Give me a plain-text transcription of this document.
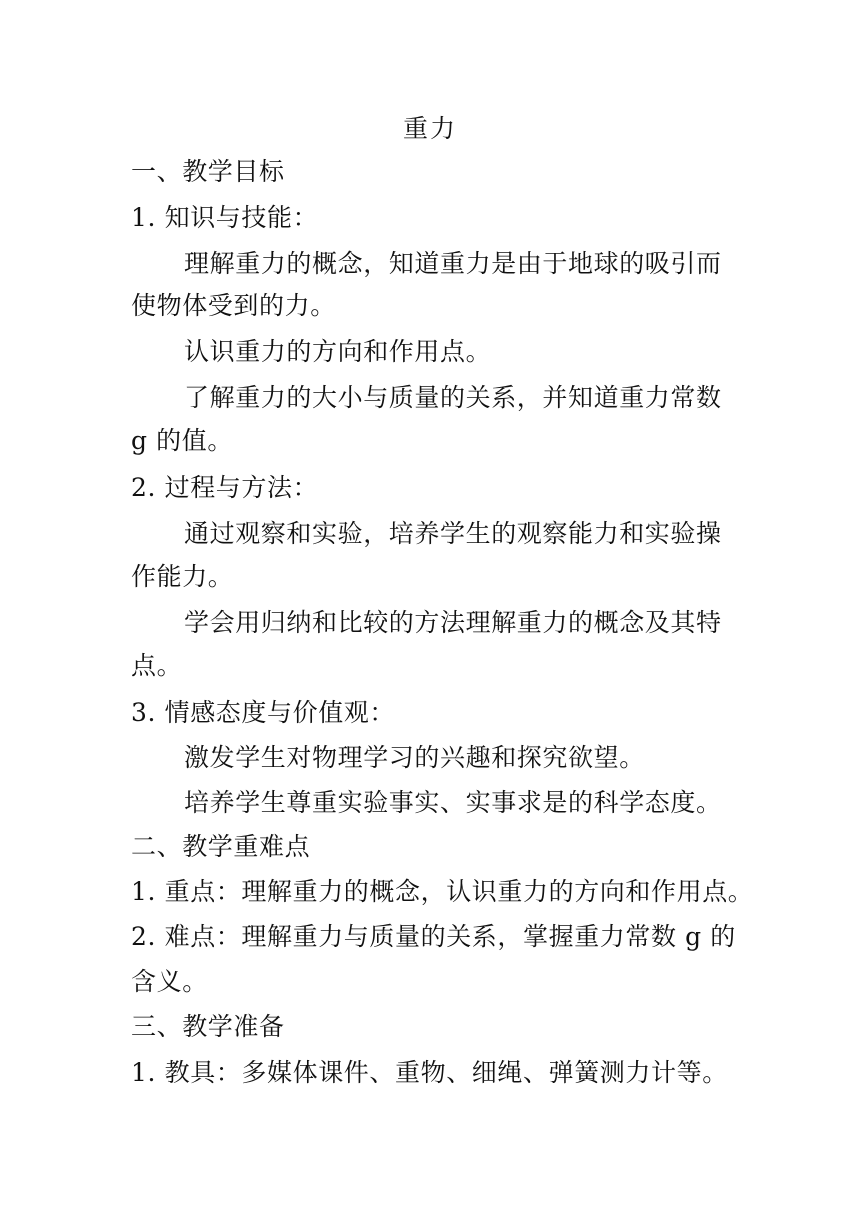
重力
一、教学目标
1. 知识与技能：
理解重力的概念，知道重力是由于地球的吸引而
使物体受到的力。
认识重力的方向和作用点。
了解重力的大小与质量的关系，并知道重力常数
g 的值。
2. 过程与方法：
通过观察和实验，培养学生的观察能力和实验操
作能力。
学会用归纳和比较的方法理解重力的概念及其特
点。
3. 情感态度与价值观：
激发学生对物理学习的兴趣和探究欲望。
培养学生尊重实验事实、实事求是的科学态度。
二、教学重难点
1. 重点：理解重力的概念，认识重力的方向和作用点。
2. 难点：理解重力与质量的关系，掌握重力常数 g 的
含义。
三、教学准备
1. 教具：多媒体课件、重物、细绳、弹簧测力计等。
